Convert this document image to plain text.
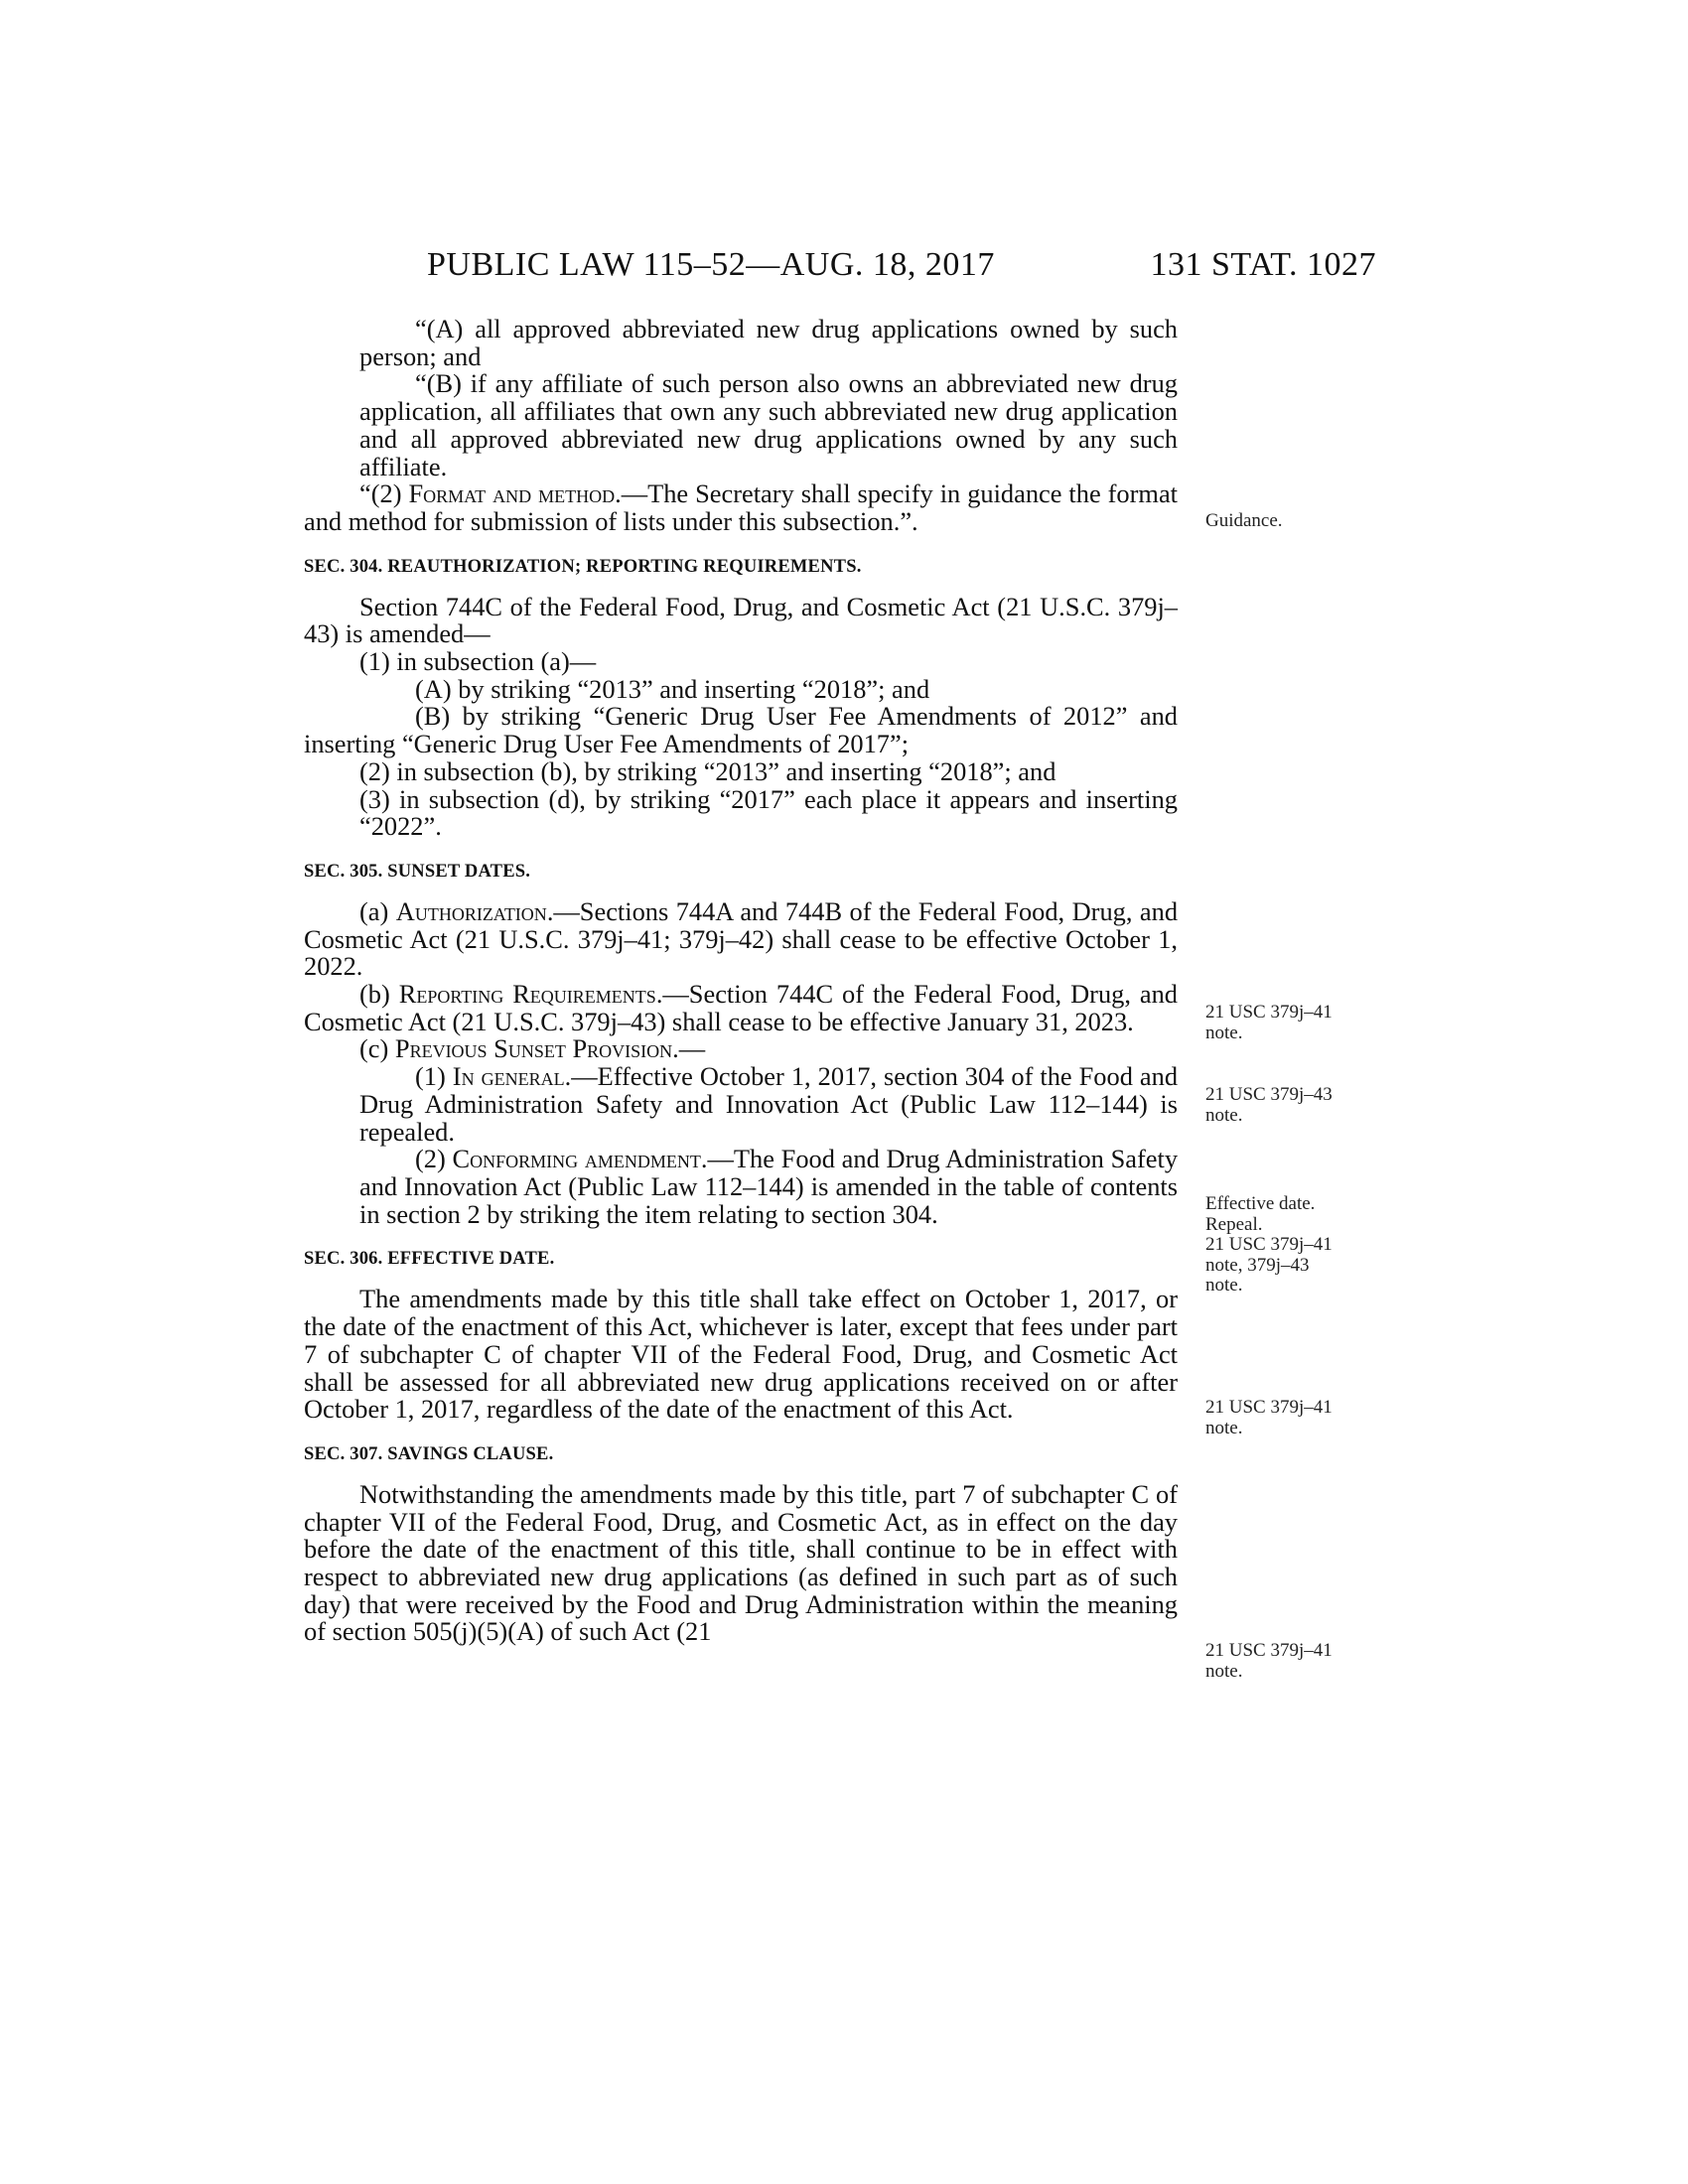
PUBLIC LAW 115–52—AUG. 18, 2017	131 STAT. 1027

“(A) all approved abbreviated new drug applications owned by such person; and

“(B) if any affiliate of such person also owns an abbreviated new drug application, all affiliates that own any such abbreviated new drug application and all approved abbreviated new drug applications owned by any such affiliate.

“(2) Format and method.—The Secretary shall specify in guidance the format and method for submission of lists under this subsection.”.

SEC. 304. REAUTHORIZATION; REPORTING REQUIREMENTS.

Section 744C of the Federal Food, Drug, and Cosmetic Act (21 U.S.C. 379j–43) is amended—

(1) in subsection (a)—

(A) by striking “2013” and inserting “2018”; and

(B) by striking “Generic Drug User Fee Amendments of 2012” and inserting “Generic Drug User Fee Amendments of 2017”;

(2) in subsection (b), by striking “2013” and inserting “2018”; and

(3) in subsection (d), by striking “2017” each place it appears and inserting “2022”.

SEC. 305. SUNSET DATES.

(a) Authorization.—Sections 744A and 744B of the Federal Food, Drug, and Cosmetic Act (21 U.S.C. 379j–41; 379j–42) shall cease to be effective October 1, 2022.

(b) Reporting Requirements.—Section 744C of the Federal Food, Drug, and Cosmetic Act (21 U.S.C. 379j–43) shall cease to be effective January 31, 2023.

(c) Previous Sunset Provision.—

(1) In general.—Effective October 1, 2017, section 304 of the Food and Drug Administration Safety and Innovation Act (Public Law 112–144) is repealed.

(2) Conforming amendment.—The Food and Drug Administration Safety and Innovation Act (Public Law 112–144) is amended in the table of contents in section 2 by striking the item relating to section 304.

SEC. 306. EFFECTIVE DATE.

The amendments made by this title shall take effect on October 1, 2017, or the date of the enactment of this Act, whichever is later, except that fees under part 7 of subchapter C of chapter VII of the Federal Food, Drug, and Cosmetic Act shall be assessed for all abbreviated new drug applications received on or after October 1, 2017, regardless of the date of the enactment of this Act.

SEC. 307. SAVINGS CLAUSE.

Notwithstanding the amendments made by this title, part 7 of subchapter C of chapter VII of the Federal Food, Drug, and Cosmetic Act, as in effect on the day before the date of the enactment of this title, shall continue to be in effect with respect to abbreviated new drug applications (as defined in such part as of such day) that were received by the Food and Drug Administration within the meaning of section 505(j)(5)(A) of such Act (21

Guidance.
21 USC 379j–41
note.
21 USC 379j–43
note.
Effective date.
Repeal.
21 USC 379j–41
note, 379j–43
note.
21 USC 379j–41
note.
21 USC 379j–41
note.
